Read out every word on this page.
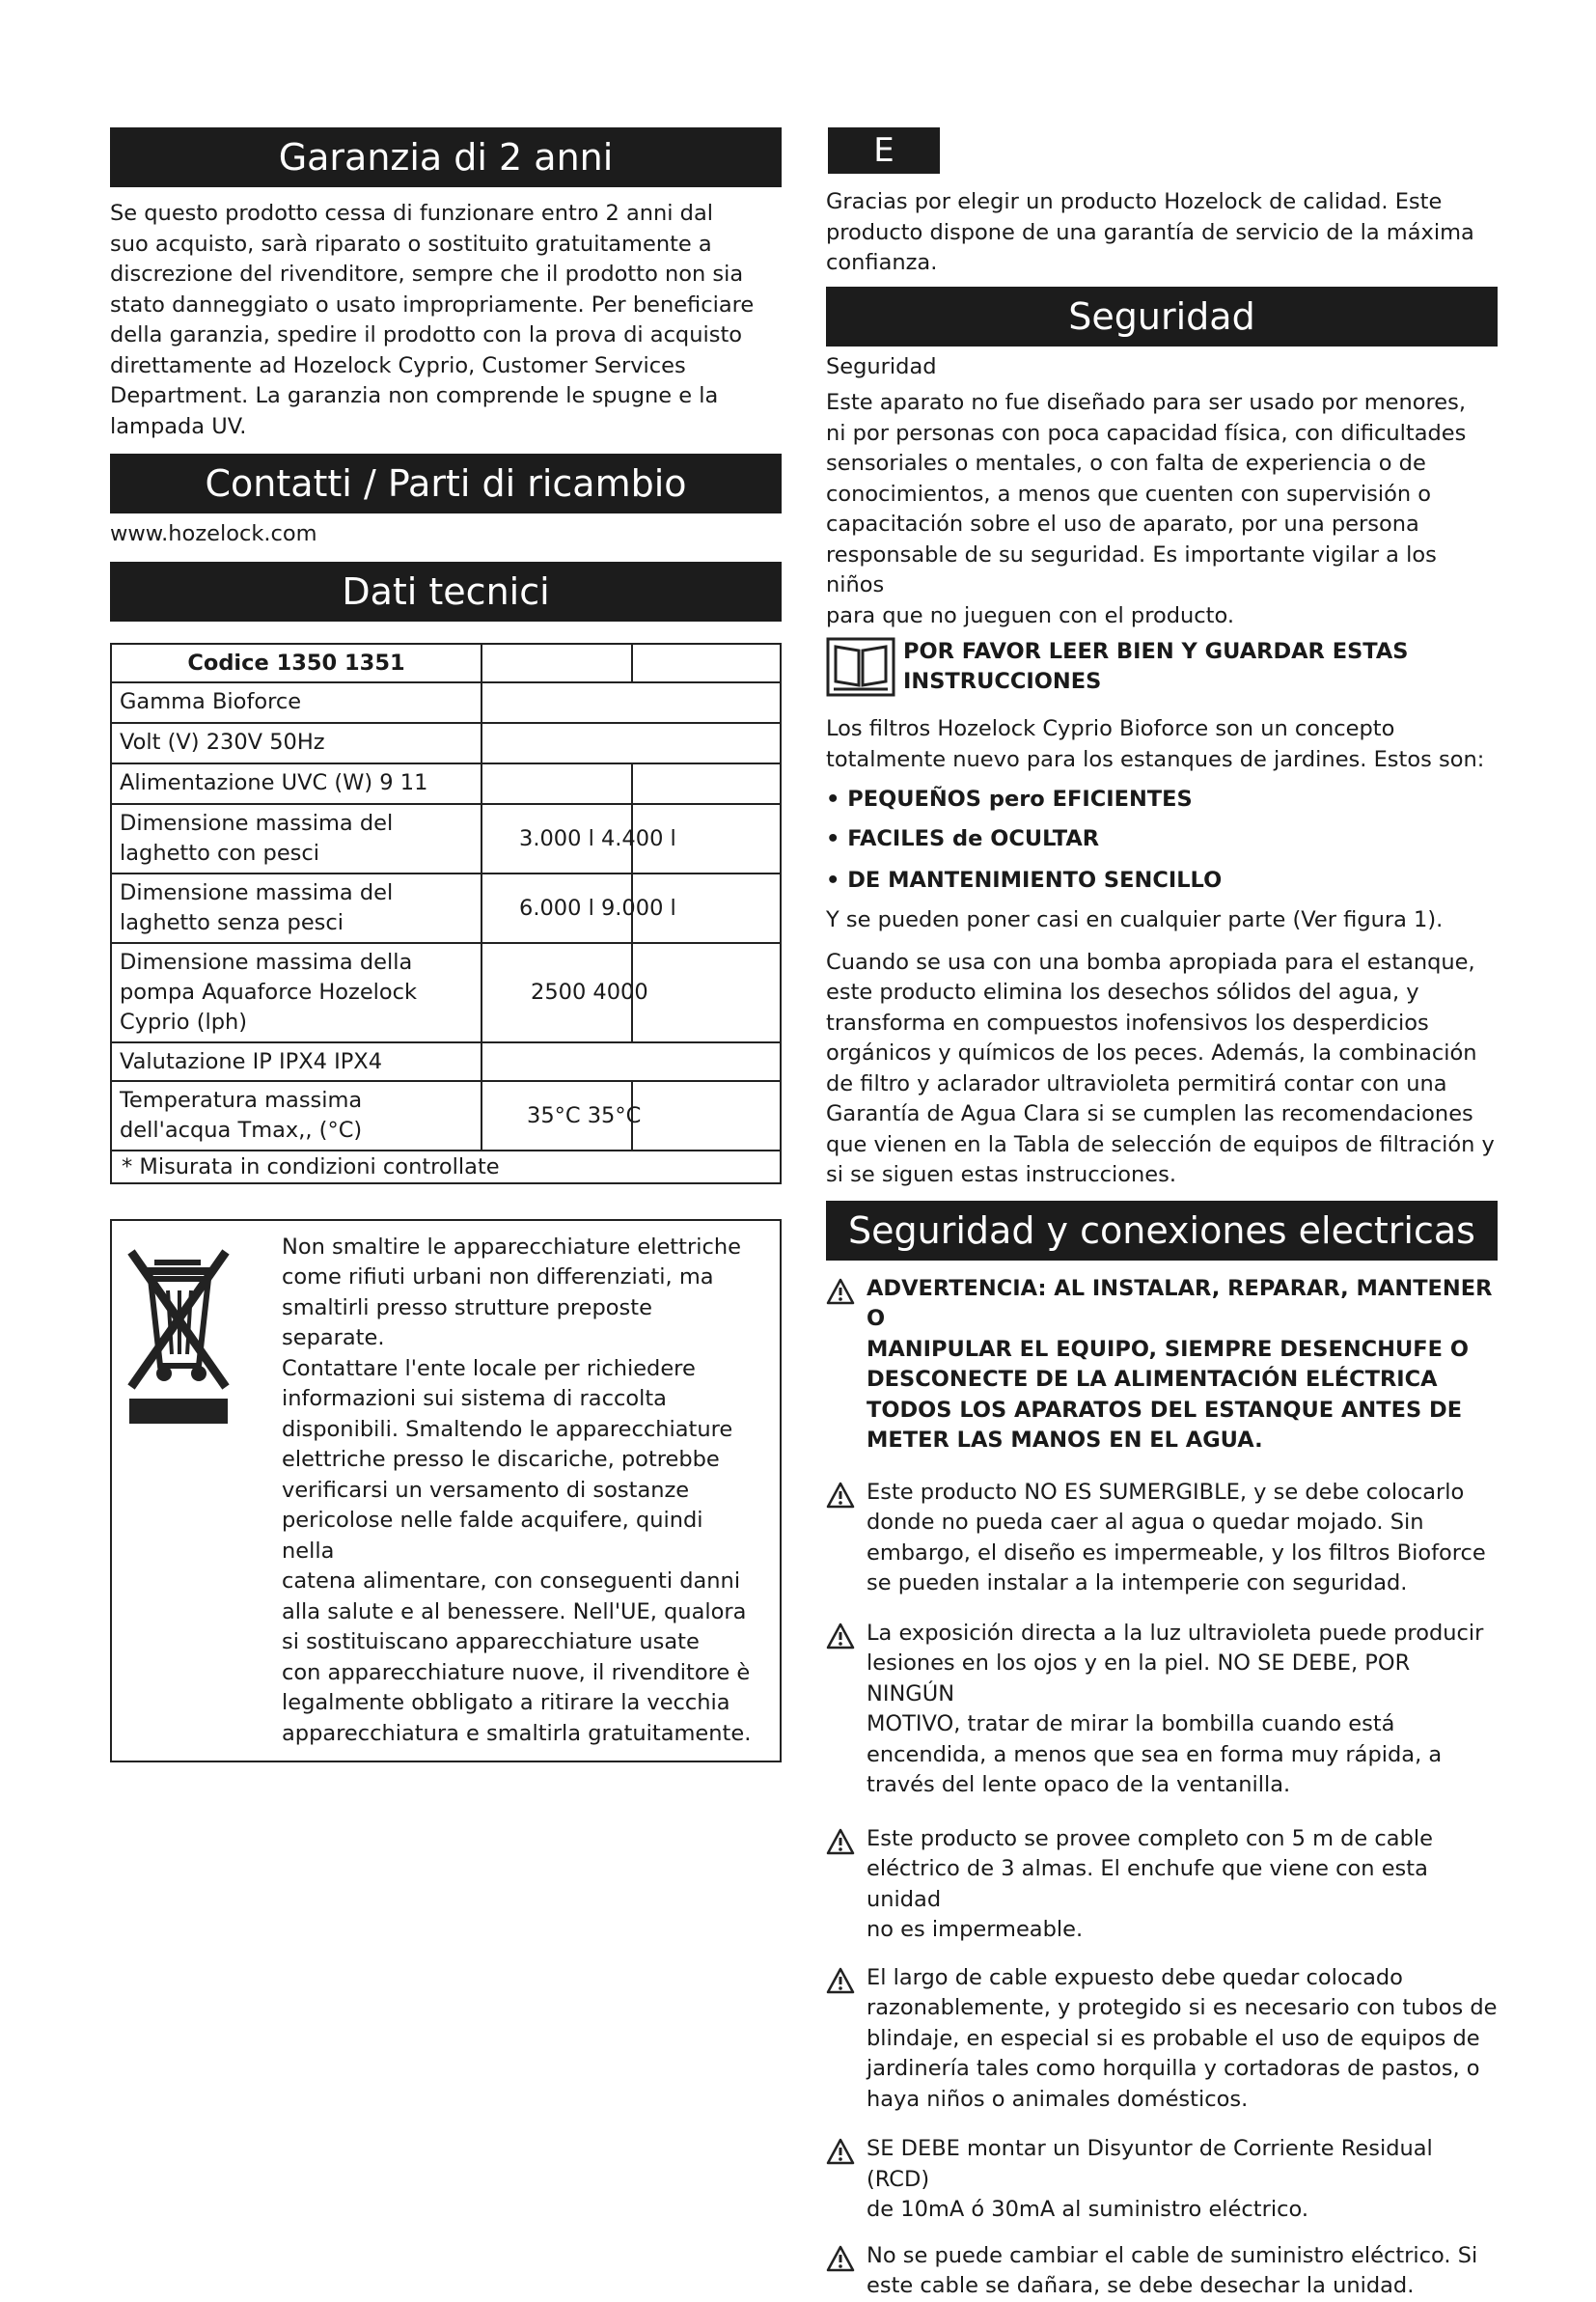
Garanzia di 2 anni

Se questo prodotto cessa di funzionare entro 2 anni dal

suo acquisto, sarà riparato o sostituito gratuitamente a

discrezione del rivenditore, sempre che il prodotto non sia

stato danneggiato o usato impropriamente. Per beneficiare

della garanzia, spedire il prodotto con la prova di acquisto

direttamente ad Hozelock Cyprio, Customer Services

Department. La garanzia non comprende le spugne e la

lampada UV.

Contatti / Parti di ricambio

www.hozelock.com

Dati tecnici
Codice 1350 1351
Gamma Bioforce
Volt (V) 230V 50Hz
Alimentazione UVC (W) 9 11
Dimensione massima del
laghetto con pesci
3.000 l 4.400 l
Dimensione massima del
laghetto senza pesci
6.000 l 9.000 l
Dimensione massima della
pompa Aquaforce Hozelock
Cyprio (lph)
2500 4000
Valutazione IP IPX4 IPX4
Temperatura massima
dell'acqua Tmax,, (°C)
35°C 35°C
* Misurata in condizioni controllate

Non smaltire le apparecchiature elettriche

come rifiuti urbani non differenziati, ma

smaltirli presso strutture preposte separate.

Contattare l'ente locale per richiedere

informazioni sui sistema di raccolta

disponibili. Smaltendo le apparecchiature

elettriche presso le discariche, potrebbe

verificarsi un versamento di sostanze

pericolose nelle falde acquifere, quindi nella

catena alimentare, con conseguenti danni

alla salute e al benessere. Nell'UE, qualora

si sostituiscano apparecchiature usate

con apparecchiature nuove, il rivenditore è

legalmente obbligato a ritirare la vecchia

apparecchiatura e smaltirla gratuitamente.

E

Gracias por elegir un producto Hozelock de calidad. Este

producto dispone de una garantía de servicio de la máxima

confianza.

Seguridad

Seguridad

Este aparato no fue diseñado para ser usado por menores,

ni por personas con poca capacidad física, con dificultades

sensoriales o mentales, o con falta de experiencia o de

conocimientos, a menos que cuenten con supervisión o

capacitación sobre el uso de aparato, por una persona

responsable de su seguridad. Es importante vigilar a los niños

para que no jueguen con el producto.

POR FAVOR LEER BIEN Y GUARDAR ESTAS
INSTRUCCIONES

Los filtros Hozelock Cyprio Bioforce son un concepto

totalmente nuevo para los estanques de jardines. Estos son:

• PEQUEÑOS pero EFICIENTES

• FACILES de OCULTAR

• DE MANTENIMIENTO SENCILLO

Y se pueden poner casi en cualquier parte (Ver figura 1).

Cuando se usa con una bomba apropiada para el estanque,

este producto elimina los desechos sólidos del agua, y

transforma en compuestos inofensivos los desperdicios

orgánicos y químicos de los peces. Además, la combinación

de filtro y aclarador ultravioleta permitirá contar con una

Garantía de Agua Clara si se cumplen las recomendaciones

que vienen en la Tabla de selección de equipos de filtración y

si se siguen estas instrucciones.

Seguridad y conexiones electricas

ADVERTENCIA: AL INSTALAR, REPARAR, MANTENER O

MANIPULAR EL EQUIPO, SIEMPRE DESENCHUFE O

DESCONECTE DE LA ALIMENTACIÓN ELÉCTRICA

TODOS LOS APARATOS DEL ESTANQUE ANTES DE

METER LAS MANOS EN EL AGUA.

Este producto NO ES SUMERGIBLE, y se debe colocarlo

donde no pueda caer al agua o quedar mojado. Sin

embargo, el diseño es impermeable, y los filtros Bioforce

se pueden instalar a la intemperie con seguridad.

La exposición directa a la luz ultravioleta puede producir

lesiones en los ojos y en la piel. NO SE DEBE, POR NINGÚN

MOTIVO, tratar de mirar la bombilla cuando está

encendida, a menos que sea en forma muy rápida, a

través del lente opaco de la ventanilla.

Este producto se provee completo con 5 m de cable

eléctrico de 3 almas. El enchufe que viene con esta unidad

no es impermeable.

El largo de cable expuesto debe quedar colocado

razonablemente, y protegido si es necesario con tubos de

blindaje, en especial si es probable el uso de equipos de

jardinería tales como horquilla y cortadoras de pastos, o

haya niños o animales domésticos.

SE DEBE montar un Disyuntor de Corriente Residual (RCD)

de 10mA ó 30mA al suministro eléctrico.

No se puede cambiar el cable de suministro eléctrico. Si

este cable se dañara, se debe desechar la unidad.
